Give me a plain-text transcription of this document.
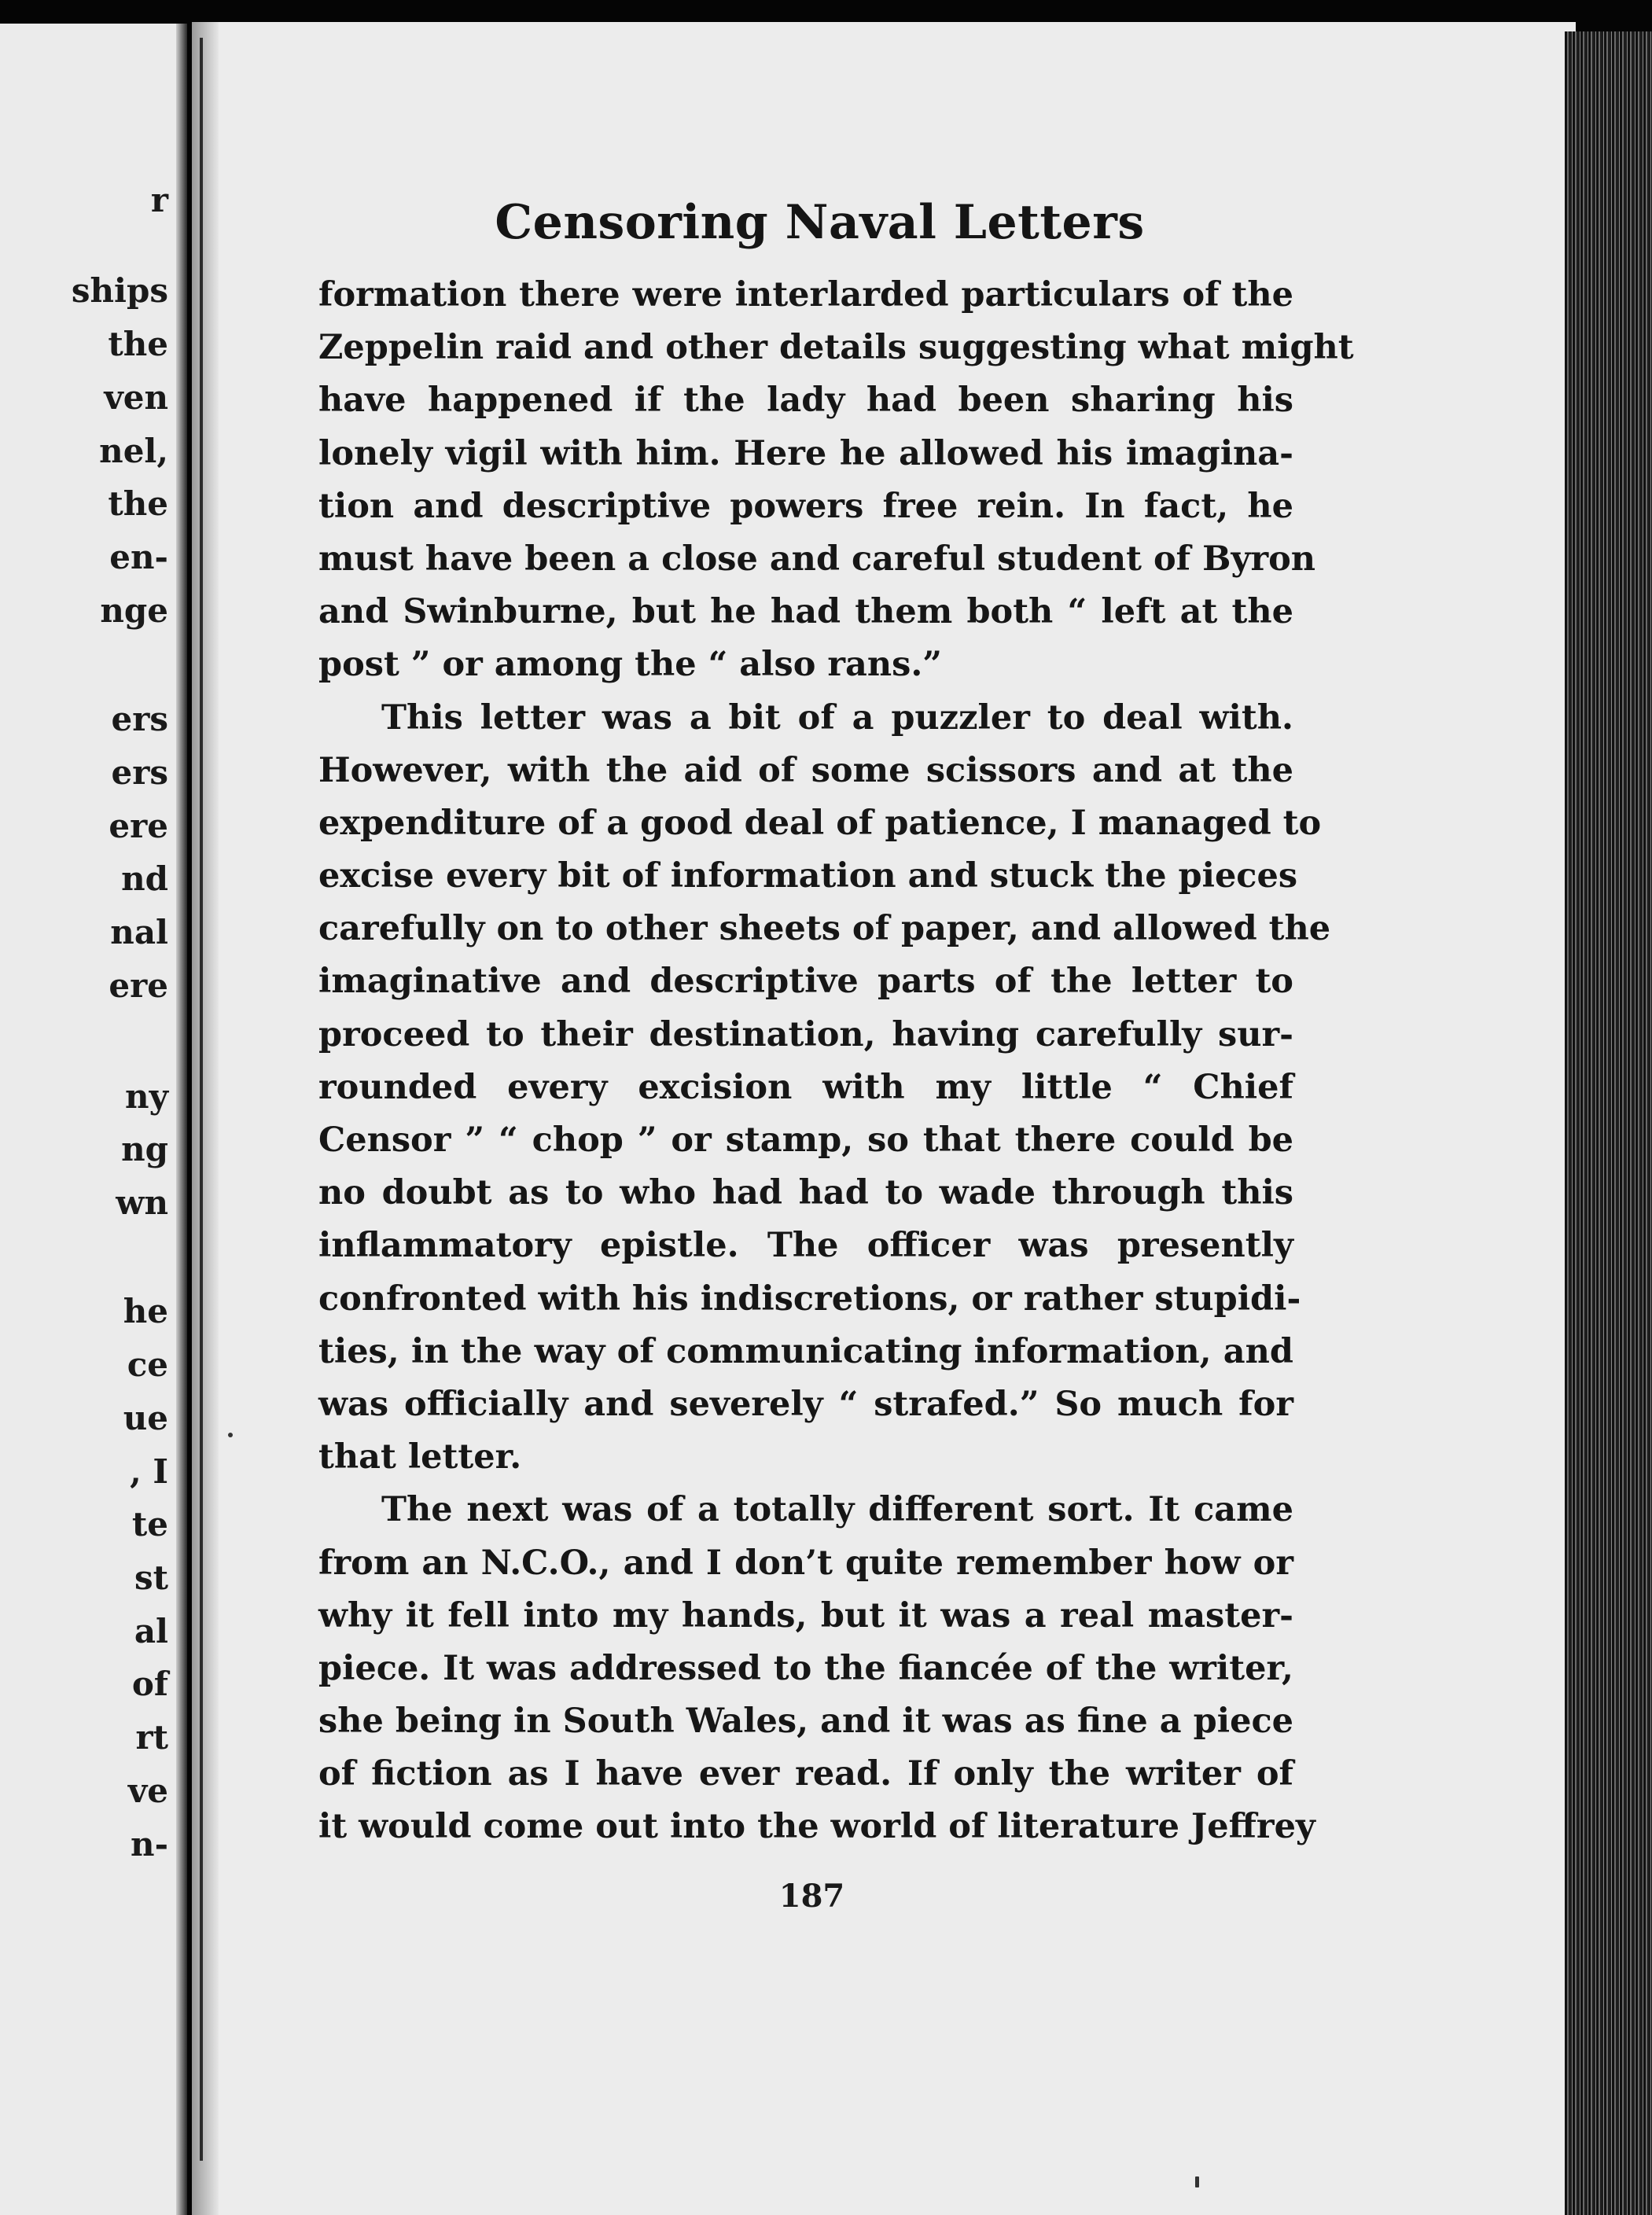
r

ships

the

ven

nel,

the

en-

nge

ers

ers

ere

nd

nal

ere

ny

ng

wn

he

ce

ue

, I

te

st

al

of

rt

ve

n-

Censoring Naval Letters
formation there were interlarded particulars of the
Zeppelin raid and other details suggesting what might
have happened if the lady had been sharing his
lonely vigil with him. Here he allowed his imagina-
tion and descriptive powers free rein. In fact, he
must have been a close and careful student of Byron
and Swinburne, but he had them both “ left at the
post ” or among the “ also rans.”
This letter was a bit of a puzzler to deal with.
However, with the aid of some scissors and at the
expenditure of a good deal of patience, I managed to
excise every bit of information and stuck the pieces
carefully on to other sheets of paper, and allowed the
imaginative and descriptive parts of the letter to
proceed to their destination, having carefully sur-
rounded every excision with my little “ Chief
Censor ” “ chop ” or stamp, so that there could be
no doubt as to who had had to wade through this
inflammatory epistle. The officer was presently
confronted with his indiscretions, or rather stupidi-
ties, in the way of communicating information, and
was officially and severely “ strafed.” So much for
that letter.
The next was of a totally different sort. It came
from an N.C.O., and I don’t quite remember how or
why it fell into my hands, but it was a real master-
piece. It was addressed to the fiancée of the writer,
she being in South Wales, and it was as fine a piece
of fiction as I have ever read. If only the writer of
it would come out into the world of literature Jeffrey

187
